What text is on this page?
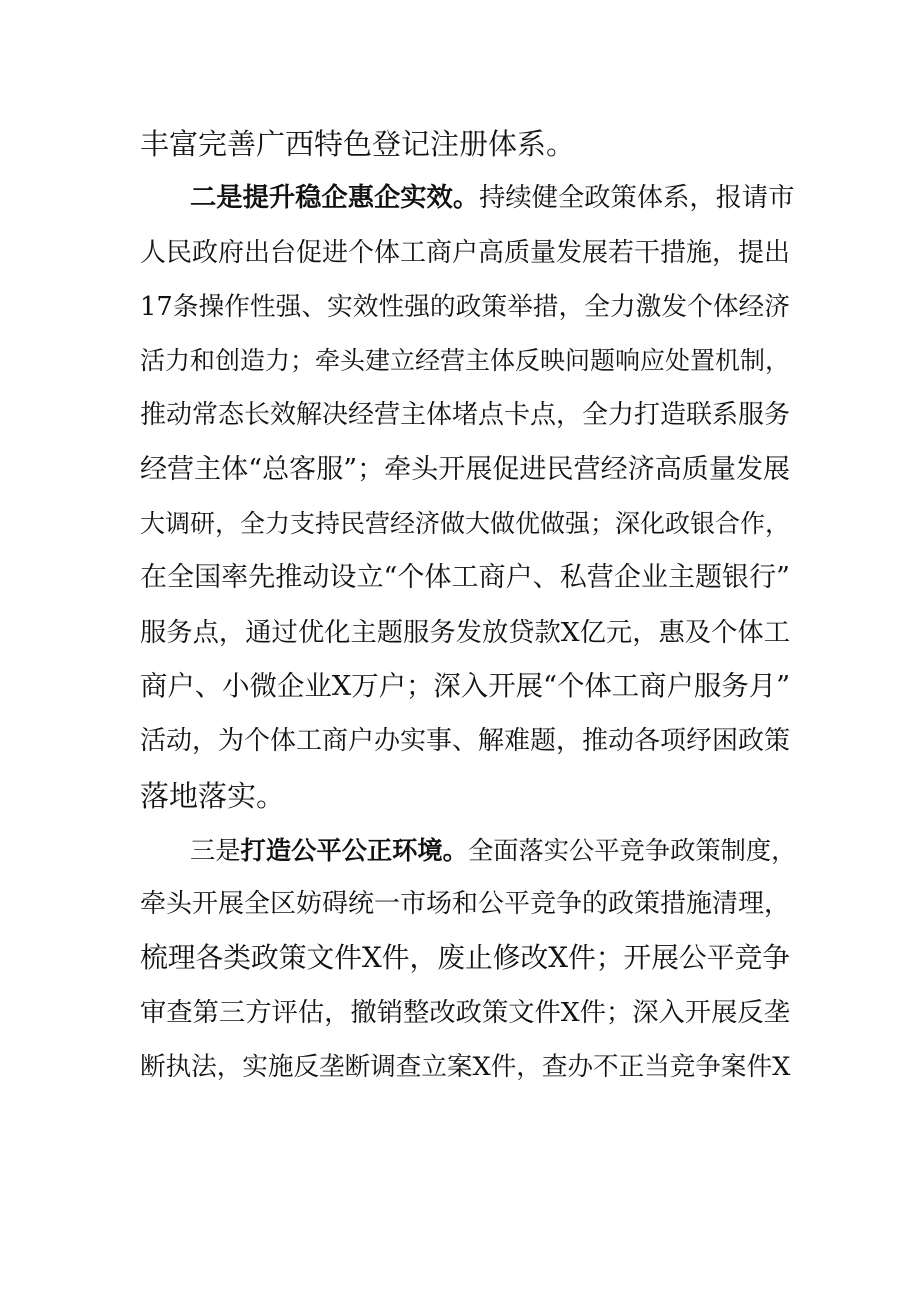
丰富完善广西特色登记注册体系。
二是提升稳企惠企实效。持续健全政策体系，报请市
人民政府出台促进个体工商户高质量发展若干措施，提出
17条操作性强、实效性强的政策举措，全力激发个体经济
活力和创造力；牵头建立经营主体反映问题响应处置机制，
推动常态长效解决经营主体堵点卡点，全力打造联系服务
经营主体“总客服”；牵头开展促进民营经济高质量发展
大调研，全力支持民营经济做大做优做强；深化政银合作，
在全国率先推动设立“个体工商户、私营企业主题银行”
服务点，通过优化主题服务发放贷款X亿元，惠及个体工
商户、小微企业X万户；深入开展“个体工商户服务月”
活动，为个体工商户办实事、解难题，推动各项纾困政策
落地落实。
三是打造公平公正环境。全面落实公平竞争政策制度，
牵头开展全区妨碍统一市场和公平竞争的政策措施清理，
梳理各类政策文件X件，废止修改X件；开展公平竞争
审查第三方评估，撤销整改政策文件X件；深入开展反垄
断执法，实施反垄断调查立案X件，查办不正当竞争案件X
